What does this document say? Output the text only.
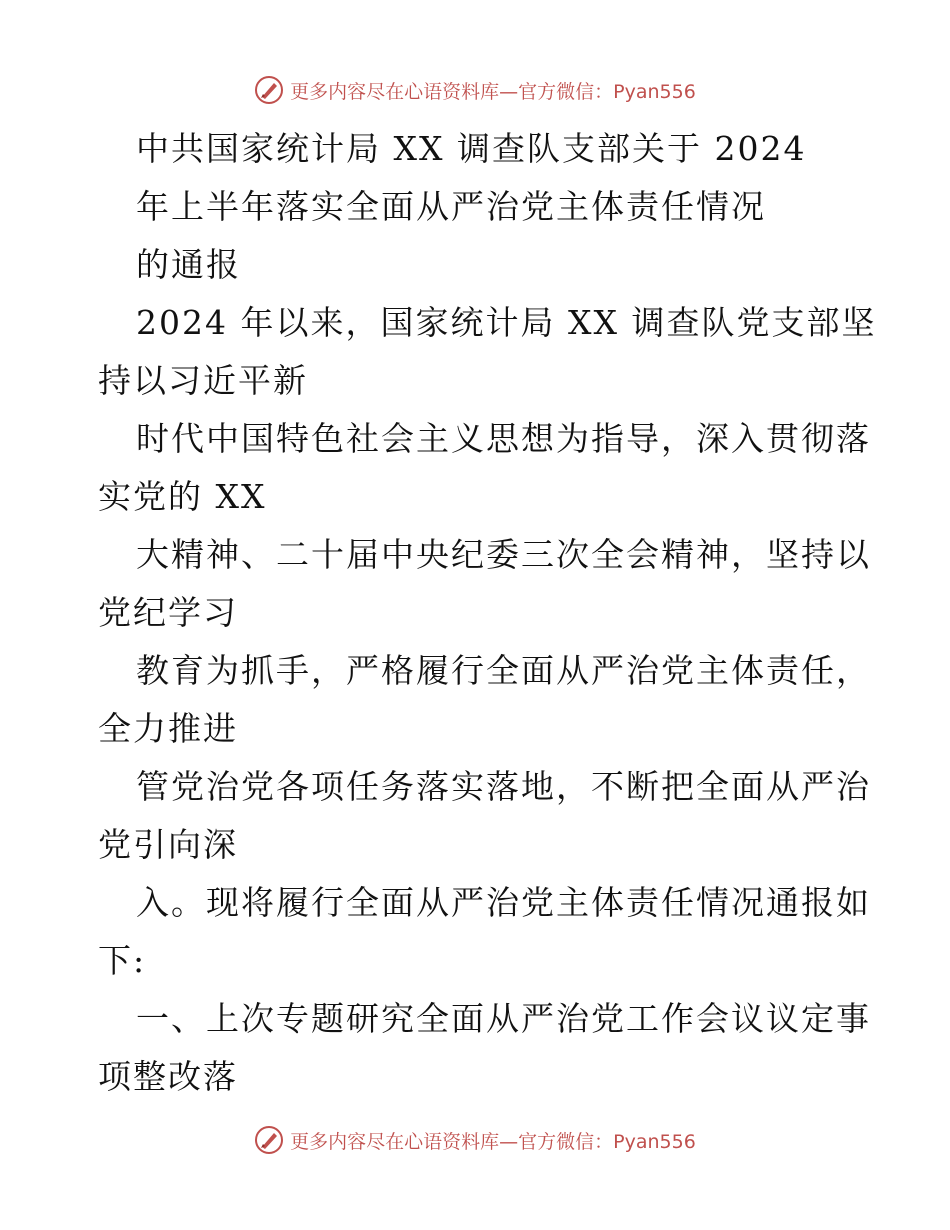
更多内容尽在心语资料库—官方微信：Pyan556
中共国家统计局 XX 调查队支部关于 2024
年上半年落实全面从严治党主体责任情况
的通报
2024 年以来，国家统计局 XX 调查队党支部坚
持以习近平新
时代中国特色社会主义思想为指导，深入贯彻落
实党的 XX
大精神、二十届中央纪委三次全会精神，坚持以
党纪学习
教育为抓手，严格履行全面从严治党主体责任，
全力推进
管党治党各项任务落实落地，不断把全面从严治
党引向深
入。现将履行全面从严治党主体责任情况通报如
下:
一、上次专题研究全面从严治党工作会议议定事
项整改落
更多内容尽在心语资料库—官方微信：Pyan556
